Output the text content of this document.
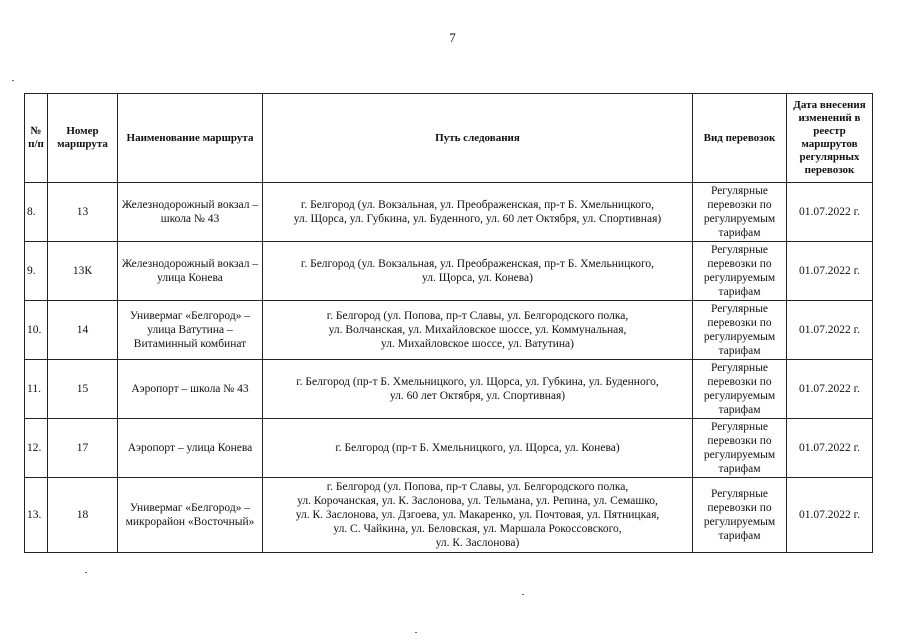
7
№ п/п	Номер маршрута	Наименование маршрута	Путь следования	Вид перевозок	Дата внесения изменений в реестр маршрутов регулярных перевозок
8.	13	Железнодорожный вокзал – школа № 43	г. Белгород (ул. Вокзальная, ул. Преображенская, пр-т Б. Хмельницкого,
ул. Щорса, ул. Губкина, ул. Буденного, ул. 60 лет Октября, ул. Спортивная)	Регулярные перевозки по регулируемым тарифам	01.07.2022 г.
9.	13К	Железнодорожный вокзал – улица Конева	г. Белгород (ул. Вокзальная, ул. Преображенская, пр-т Б. Хмельницкого,
ул. Щорса, ул. Конева)	Регулярные перевозки по регулируемым тарифам	01.07.2022 г.
10.	14	Универмаг «Белгород» – улица Ватутина – Витаминный комбинат	г. Белгород (ул. Попова, пр-т Славы, ул. Белгородского полка,
ул. Волчанская, ул. Михайловское шоссе, ул. Коммунальная,
ул. Михайловское шоссе, ул. Ватутина)	Регулярные перевозки по регулируемым тарифам	01.07.2022 г.
11.	15	Аэропорт – школа № 43	г. Белгород (пр-т Б. Хмельницкого, ул. Щорса, ул. Губкина, ул. Буденного,
ул. 60 лет Октября, ул. Спортивная)	Регулярные перевозки по регулируемым тарифам	01.07.2022 г.
12.	17	Аэропорт – улица Конева	г. Белгород (пр-т Б. Хмельницкого, ул. Щорса, ул. Конева)	Регулярные перевозки по регулируемым тарифам	01.07.2022 г.
13.	18	Универмаг «Белгород» – микрорайон «Восточный»	г. Белгород (ул. Попова, пр-т Славы, ул. Белгородского полка,
ул. Корочанская, ул. К. Заслонова, ул. Тельмана, ул. Репина, ул. Семашко,
ул. К. Заслонова, ул. Дзгоева, ул. Макаренко, ул. Почтовая, ул. Пятницкая,
ул. С. Чайкина, ул. Беловская, ул. Маршала Рокоссовского,
ул. К. Заслонова)	Регулярные перевозки по регулируемым тарифам	01.07.2022 г.
